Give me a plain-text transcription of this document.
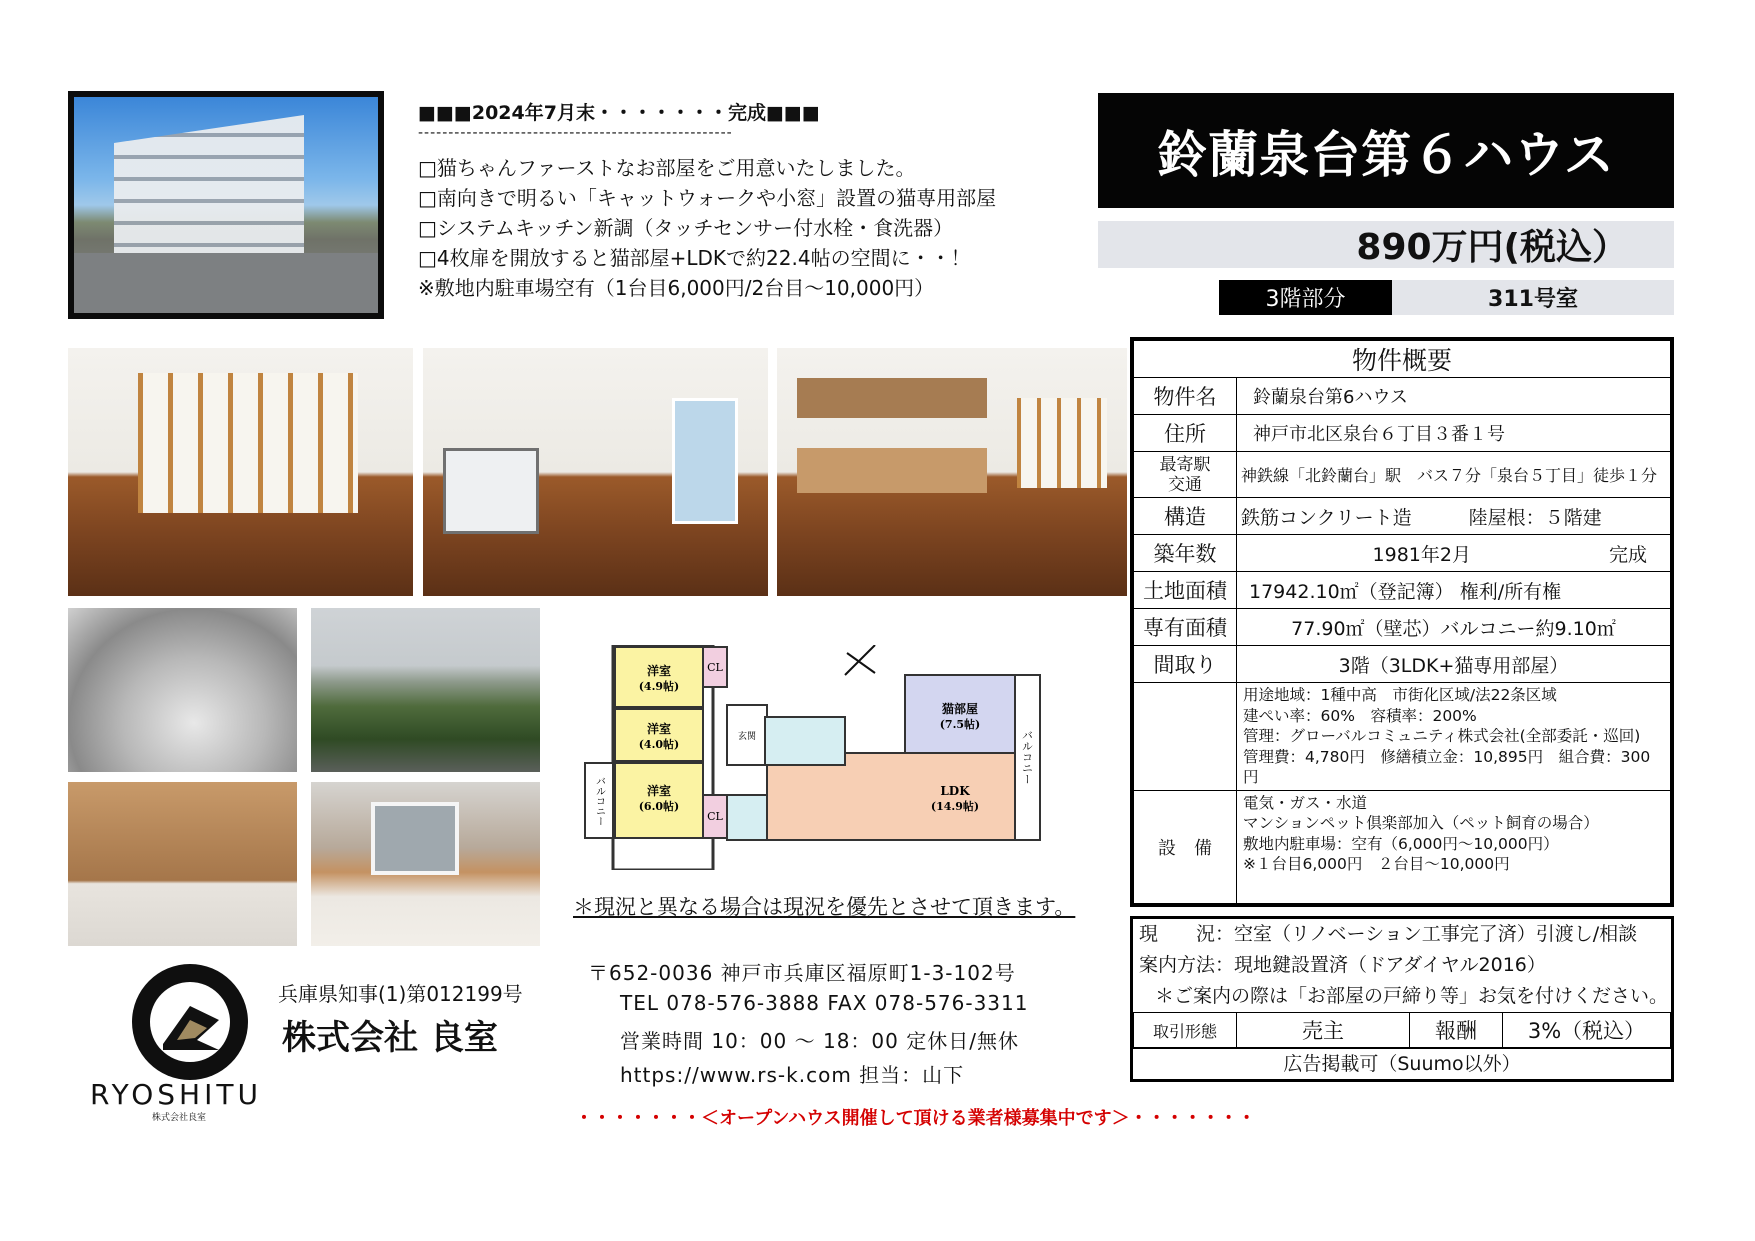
■■■2024年7月末・・・・・・・完成■■■
----------------------------------------------------
□猫ちゃんファーストなお部屋をご用意いたしました。
□南向きで明るい「キャットウォークや小窓」設置の猫専用部屋
□システムキッチン新調（タッチセンサー付水栓・食洗器）
□4枚扉を開放すると猫部屋+LDKで約22.4帖の空間に・・！
※敷地内駐車場空有（1台目6,000円/2台目～10,000円）
鈴蘭泉台第６ハウス
890万円(税込）
3階部分	311号室
物件概要	
物件名	鈴蘭泉台第6ハウス
住所	神戸市北区泉台６丁目３番１号
最寄駅
交通	神鉄線「北鈴蘭台」駅　バス７分「泉台５丁目」徒歩１分
構造	鉄筋コンクリート造　　　陸屋根：５階建
築年数	1981年2月 完成
土地面積	17942.10㎡（登記簿） 権利/所有権
専有面積	77.90㎡（壁芯）バルコニー約9.10㎡
間取り	3階（3LDK+猫専用部屋）

	用途地域：1種中高　市街化区域/法22条区域
建ぺい率：60%　容積率：200%
管理：グローバルコミュニティ株式会社(全部委託・巡回)
管理費：4,780円　修繕積立金：10,895円　組合費：300円

設　備	電気・ガス・水道
マンションペット倶楽部加入（ペット飼育の場合）
敷地内駐車場：空有（6,000円～10,000円）
※１台目6,000円　２台目～10,000円
現　　況：空室（リノベーション工事完了済）引渡し/相談
案内方法：現地鍵設置済（ドアダイヤル2016）
＊ご案内の際は「お部屋の戸締り等」お気を付けください。
取引形態	売主	報酬	3%（税込）
広告掲載可（Suumo以外）
洋室
(4.9帖)
洋室
(4.0帖)
洋室
(6.0帖)
猫部屋
(7.5帖)
LDK
(14.9帖)
CL
CL
玄関	バルコニー
バルコニー
＊現況と異なる場合は現況を優先とさせて頂きます。
RYOSHITU
株式会社良室
兵庫県知事(1)第012199号
株式会社 良室
〒652-0036 神戸市兵庫区福原町1-3-102号
TEL 078-576-3888 FAX 078-576-3311
営業時間 10：00 ～ 18：00 定休日/無休
https://www.rs-k.com 担当：山下
・・・・・・・＜オープンハウス開催して頂ける業者様募集中です＞・・・・・・・
